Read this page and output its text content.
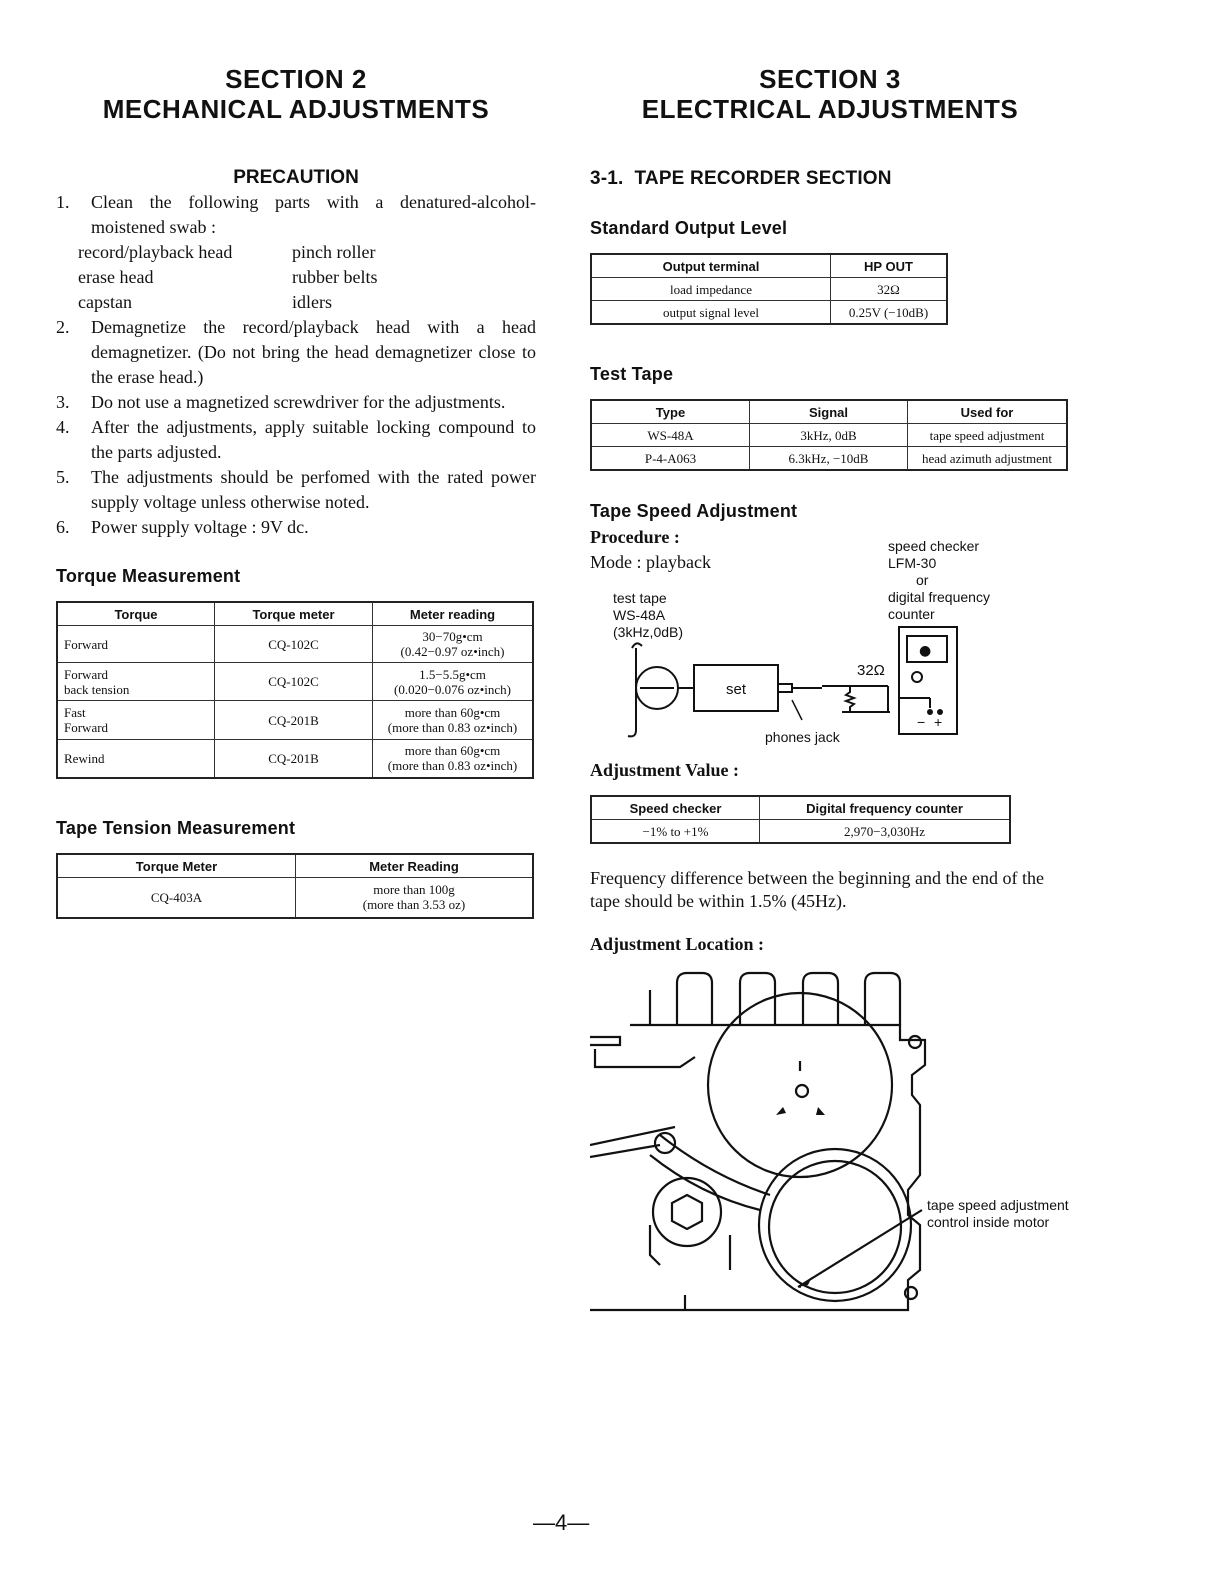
SECTION 2
MECHANICAL ADJUSTMENTS
SECTION 3
ELECTRICAL ADJUSTMENTS
PRECAUTION
1. Clean the following parts with a denatured-alcohol-moistened swab :
record/playback head	pinch roller
erase head	rubber belts
capstan	idlers
2. Demagnetize the record/playback head with a head demagnetizer. (Do not bring the head demagnetizer close to the erase head.)
3. Do not use a magnetized screwdriver for the adjustments.
4. After the adjustments, apply suitable locking compound to the parts adjusted.
5. The adjustments should be perfomed with the rated power supply voltage unless otherwise noted.
6. Power supply voltage : 9V dc.
Torque Measurement
Torque	Torque meter	Meter reading

Forward	CQ-102C	30−70g•cm
(0.42−0.97 oz•inch)

Forward
back tension	CQ-102C	1.5−5.5g•cm
(0.020−0.076 oz•inch)

Fast
Forward	CQ-201B	more than 60g•cm
(more than 0.83 oz•inch)

Rewind	CQ-201B	more than 60g•cm
(more than 0.83 oz•inch)
Tape Tension Measurement
Torque Meter	Meter Reading
CQ-403A	more than 100g
(more than 3.53 oz)
3-1.  TAPE RECORDER SECTION
Standard Output Level
Output terminal	HP OUT
load impedance	32Ω
output signal level	0.25V (−10dB)
Test Tape
Type	Signal	Used for
WS-48A	3kHz, 0dB	tape speed adjustment
P-4-A063	6.3kHz, −10dB	head azimuth adjustment
Tape Speed Adjustment
Procedure :
Mode : playback
speed checker
LFM-30
or
digital frequency
counter
test tape
WS-48A
(3kHz,0dB)
●
set
32Ω
phones jack
− +
Adjustment Value :
Speed checker	Digital frequency counter
−1% to +1%	2,970−3,030Hz
Frequency difference between the beginning and the end of the tape should be within 1.5% (45Hz).
Adjustment Location :
tape speed adjustment
control inside motor
—4—
